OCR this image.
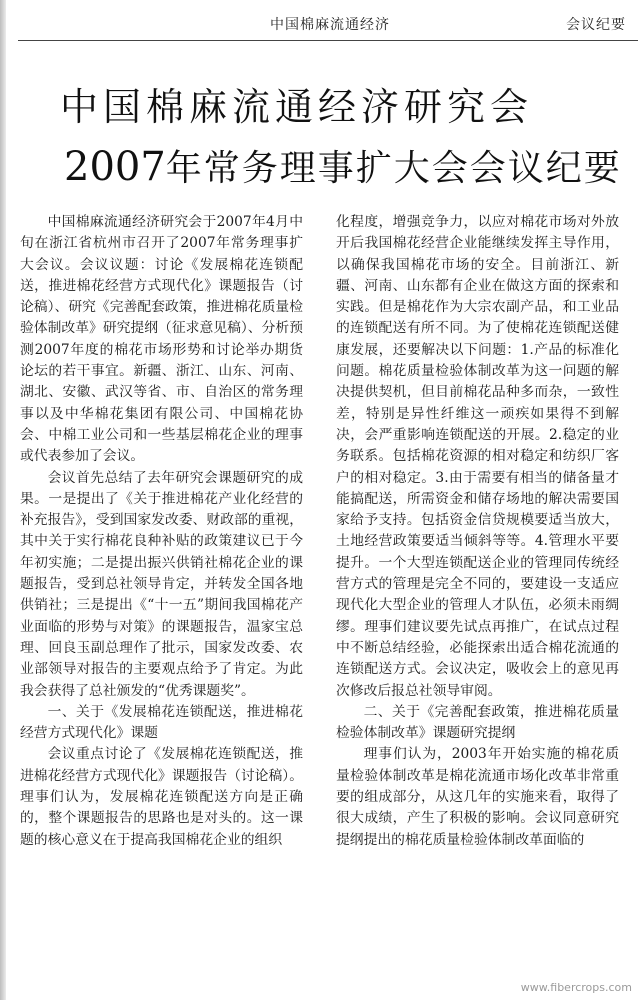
中国棉麻流通经济	会议纪要
中国棉麻流通经济研究会
2007年常务理事扩大会会议纪要

中国棉麻流通经济研究会于2007年4月中旬在浙江省杭州市召开了2007年常务理事扩大会议。会议议题：讨论《发展棉花连锁配送，推进棉花经营方式现代化》课题报告（讨论稿）、研究《完善配套政策，推进棉花质量检验体制改革》研究提纲（征求意见稿）、分析预测2007年度的棉花市场形势和讨论举办期货论坛的若干事宜。新疆、浙江、山东、河南、湖北、安徽、武汉等省、市、自治区的常务理事以及中华棉花集团有限公司、中国棉花协会、中棉工业公司和一些基层棉花企业的理事或代表参加了会议。

会议首先总结了去年研究会课题研究的成果。一是提出了《关于推进棉花产业化经营的补充报告》，受到国家发改委、财政部的重视，其中关于实行棉花良种补贴的政策建议已于今年初实施；二是提出振兴供销社棉花企业的课题报告，受到总社领导肯定，并转发全国各地供销社；三是提出《“十一五”期间我国棉花产业面临的形势与对策》的课题报告，温家宝总理、回良玉副总理作了批示，国家发改委、农业部领导对报告的主要观点给予了肯定。为此我会获得了总社颁发的“优秀课题奖”。

一、关于《发展棉花连锁配送，推进棉花经营方式现代化》课题

会议重点讨论了《发展棉花连锁配送，推进棉花经营方式现代化》课题报告（讨论稿）。理事们认为，发展棉花连锁配送方向是正确的，整个课题报告的思路也是对头的。这一课题的核心意义在于提高我国棉花企业的组织

化程度，增强竞争力，以应对棉花市场对外放开后我国棉花经营企业能继续发挥主导作用，以确保我国棉花市场的安全。目前浙江、新疆、河南、山东都有企业在做这方面的探索和实践。但是棉花作为大宗农副产品，和工业品的连锁配送有所不同。为了使棉花连锁配送健康发展，还要解决以下问题：1.产品的标准化问题。棉花质量检验体制改革为这一问题的解决提供契机，但目前棉花品种多而杂，一致性差，特别是异性纤维这一顽疾如果得不到解决，会严重影响连锁配送的开展。2.稳定的业务联系。包括棉花资源的相对稳定和纺织厂客户的相对稳定。3.由于需要有相当的储备量才能搞配送，所需资金和储存场地的解决需要国家给予支持。包括资金信贷规模要适当放大，土地经营政策要适当倾斜等等。4.管理水平要提升。一个大型连锁配送企业的管理同传统经营方式的管理是完全不同的，要建设一支适应现代化大型企业的管理人才队伍，必须未雨绸缪。理事们建议要先试点再推广，在试点过程中不断总结经验，必能探索出适合棉花流通的连锁配送方式。会议决定，吸收会上的意见再次修改后报总社领导审阅。

二、关于《完善配套政策，推进棉花质量检验体制改革》课题研究提纲

理事们认为，2003年开始实施的棉花质量检验体制改革是棉花流通市场化改革非常重要的组成部分，从这几年的实施来看，取得了很大成绩，产生了积极的影响。会议同意研究提纲提出的棉花质量检验体制改革面临的

www.fibercrops.com
